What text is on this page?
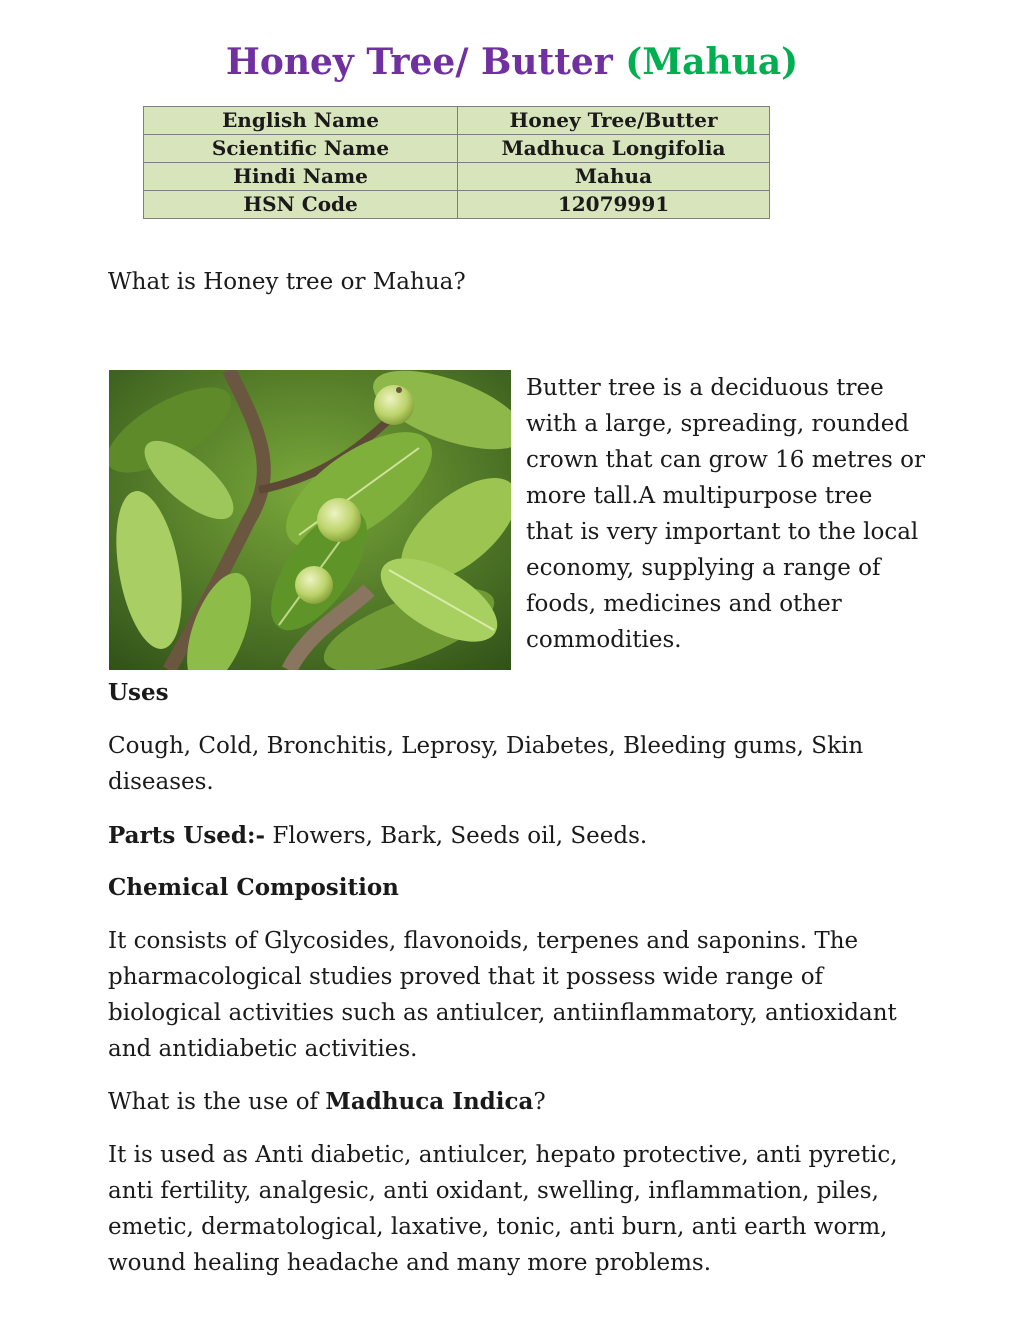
Honey Tree/ Butter (Mahua)
English Name	Honey Tree/Butter
Scientific Name	Madhuca Longifolia
Hindi Name	Mahua
HSN Code	12079991

What is Honey tree or Mahua?

Butter tree is a deciduous tree with a large, spreading, rounded crown that can grow 16 metres or more tall.A multipurpose tree that is very important to the local economy, supplying a range of foods, medicines and other commodities.

Uses

Cough, Cold, Bronchitis, Leprosy, Diabetes, Bleeding gums, Skin diseases.

Parts Used:- Flowers, Bark, Seeds oil, Seeds.

Chemical Composition

It consists of Glycosides, flavonoids, terpenes and saponins. The pharmacological studies proved that it possess wide range of biological activities such as antiulcer, antiinflammatory, antioxidant and antidiabetic activities.

What is the use of Madhuca Indica?

It is used as Anti diabetic, antiulcer, hepato protective, anti pyretic, anti fertility, analgesic, anti oxidant, swelling, inflammation, piles, emetic, dermatological, laxative, tonic, anti burn, anti earth worm, wound healing headache and many more problems.
